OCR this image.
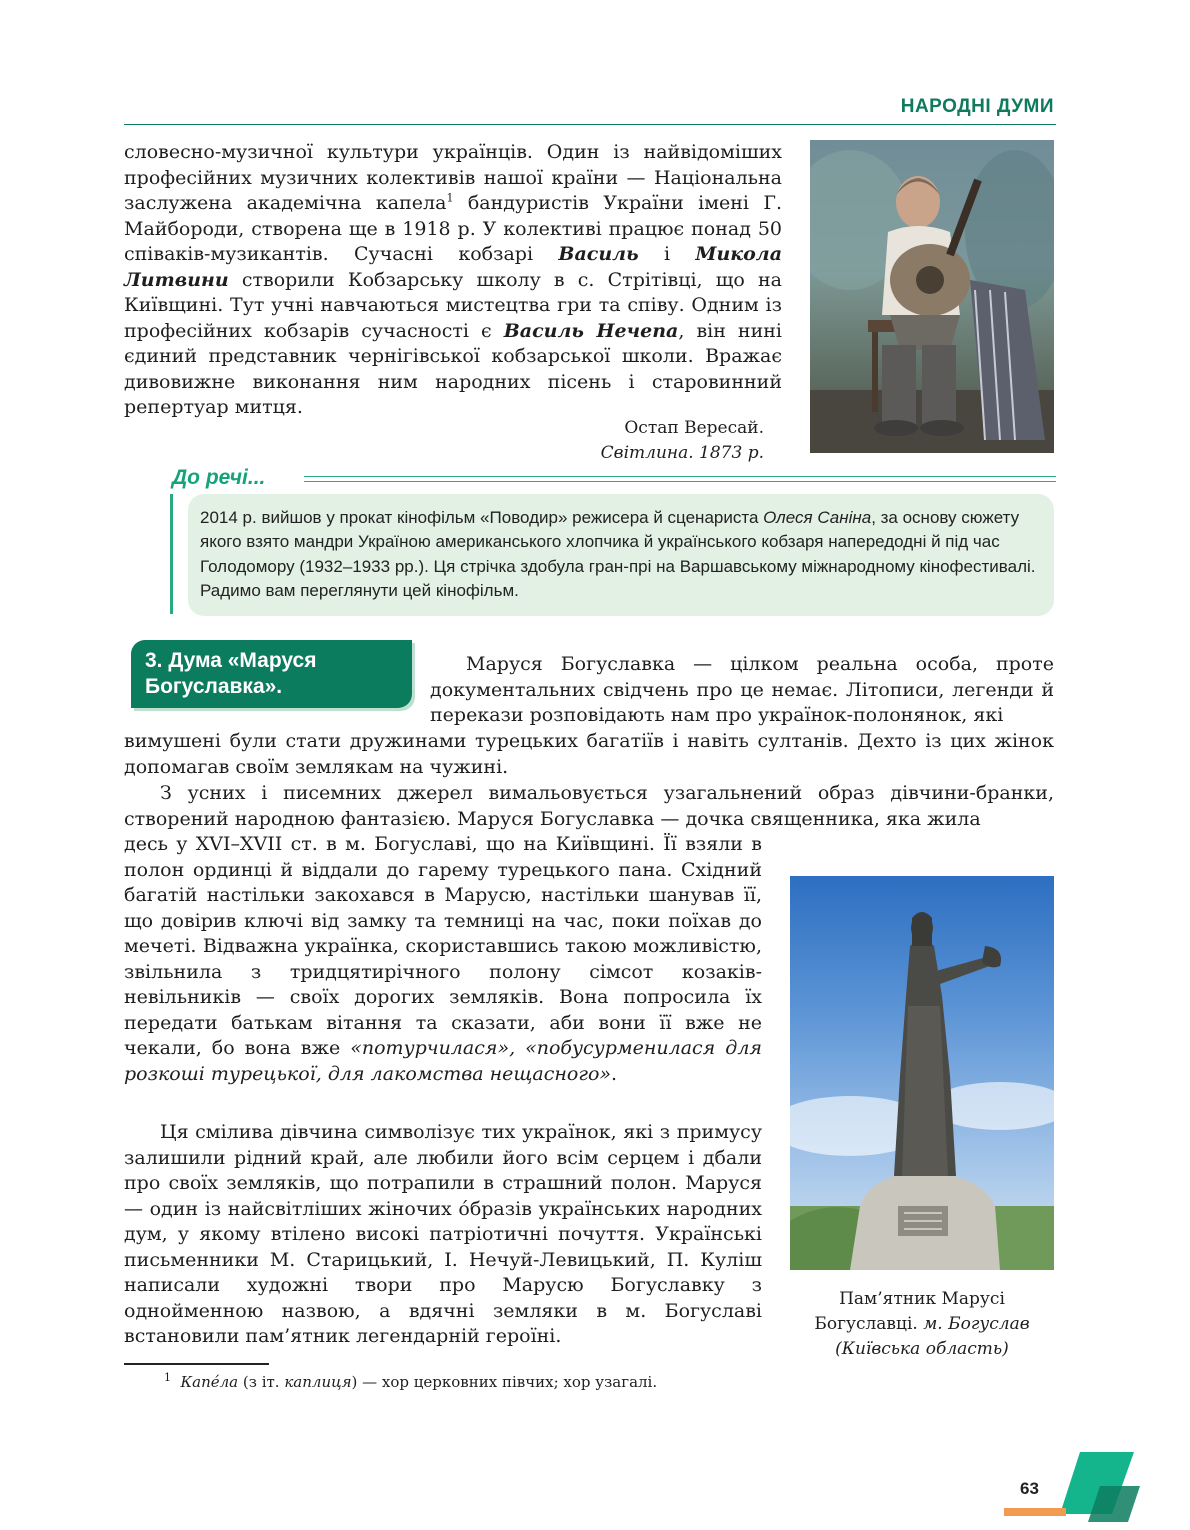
НАРОДНІ ДУМИ

словесно-музичної культури українців. Один із найвідоміших професійних музичних колективів нашої країни — Національна заслужена академічна капела$^1$ бандуристів України імені Г. Майбороди, створена ще в 1918 р. У колективі працює понад 50 співаків-музикантів. Сучасні кобзарі Василь і Микола Литвини створили Кобзарську школу в с. Стрітівці, що на Київщині. Тут учні навчаються мистецтва гри та співу. Одним із професійних кобзарів сучасності є Василь Нечепа, він нині єдиний представник чернігівської кобзарської школи. Вражає дивовижне виконання ним народних пісень і старовинний репертуар митця.

Остап Вересай.
Світлина. 1873 р.
До речі...

2014 р. вийшов у прокат кінофільм «Поводир» режисера й сценариста Олеся Саніна, за основу сюжету якого взято мандри Україною американського хлопчика й українського кобзаря напередодні й під час Голодомору (1932–1933 рр.). Ця стрічка здобула гран-прі на Варшавському міжнародному кінофестивалі. Радимо вам переглянути цей кінофільм.

3. Дума «Маруся
Богуславка».

Маруся Богуславка — цілком реальна особа, проте документальних свідчень про це немає. Літописи, легенди й перекази розповідають нам про українок-полонянок, які

вимушені були стати дружинами турецьких багатіїв і навіть султанів. Дехто із цих жінок допомагав своїм землякам на чужині.

З усних і писемних джерел вимальовується узагальнений образ дівчини-бранки, створений народною фантазією. Маруся Богуславка — дочка священника, яка жила

десь у XVI–XVII ст. в м. Богуславі, що на Київщині. Її взяли в полон ординці й віддали до гарему турецького пана. Східний багатій настільки закохався в Марусю, настільки шанував її, що довірив ключі від замку та темниці на час, поки поїхав до мечеті. Відважна українка, скориставшись такою можливістю, звільнила з тридцятирічного полону сімсот козаків-невільників — своїх дорогих земляків. Вона попросила їх передати батькам вітання та сказати, аби вони її вже не чекали, бо вона вже «потурчилася», «побусурменилася для розкоші турецької, для лакомства нещасного».

Ця смілива дівчина символізує тих українок, які з примусу залишили рідний край, але любили його всім серцем і дбали про своїх земляків, що потрапили в страшний полон. Маруся — один із найсвітліших жіночих óбразів українських народних дум, у якому втілено високі патріотичні почуття. Українські письменники М. Старицький, І. Нечуй-Левицький, П. Куліш написали художні твори про Марусю Богуславку з однойменною назвою, а вдячні земляки в м. Богуславі встановили пам’ятник легендарній героїні.

Пам’ятник Марусі
Богуславці. м. Богуслав
(Київська область)

$^1$ Капéла (з іт. каплиця) — хор церковних півчих; хор узагалі.

63
